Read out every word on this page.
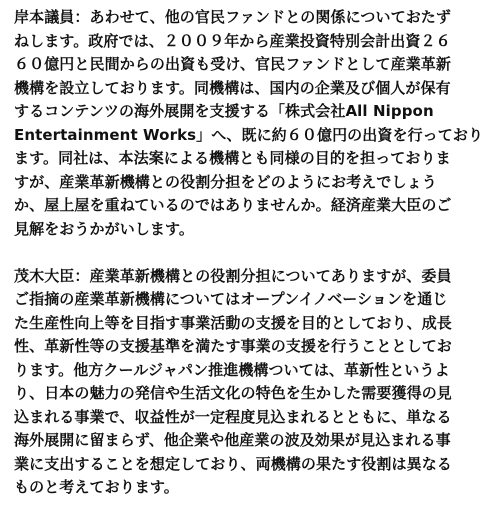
岸本議員：あわせて、他の官民ファンドとの関係についておたず
ねします。政府では、２００９年から産業投資特別会計出資２６
６０億円と民間からの出資も受け、官民ファンドとして産業革新
機構を設立しております。同機構は、国内の企業及び個人が保有
するコンテンツの海外展開を支援する「株式会社All Nippon
Entertainment Works」へ、既に約６０億円の出資を行っており
ます。同社は、本法案による機構とも同様の目的を担っておりま
すが、産業革新機構との役割分担をどのようにお考えでしょう
か、屋上屋を重ねているのではありませんか。経済産業大臣のご
見解をおうかがいします。
茂木大臣：産業革新機構との役割分担についてありますが、委員
ご指摘の産業革新機構についてはオープンイノベーションを通じ
た生産性向上等を目指す事業活動の支援を目的としており、成長
性、革新性等の支援基準を満たす事業の支援を行うこととしてお
ります。他方クールジャパン推進機構ついては、革新性というよ
り、日本の魅力の発信や生活文化の特色を生かした需要獲得の見
込まれる事業で、収益性が一定程度見込まれるとともに、単なる
海外展開に留まらず、他企業や他産業の波及効果が見込まれる事
業に支出することを想定しており、両機構の果たす役割は異なる
ものと考えております。
